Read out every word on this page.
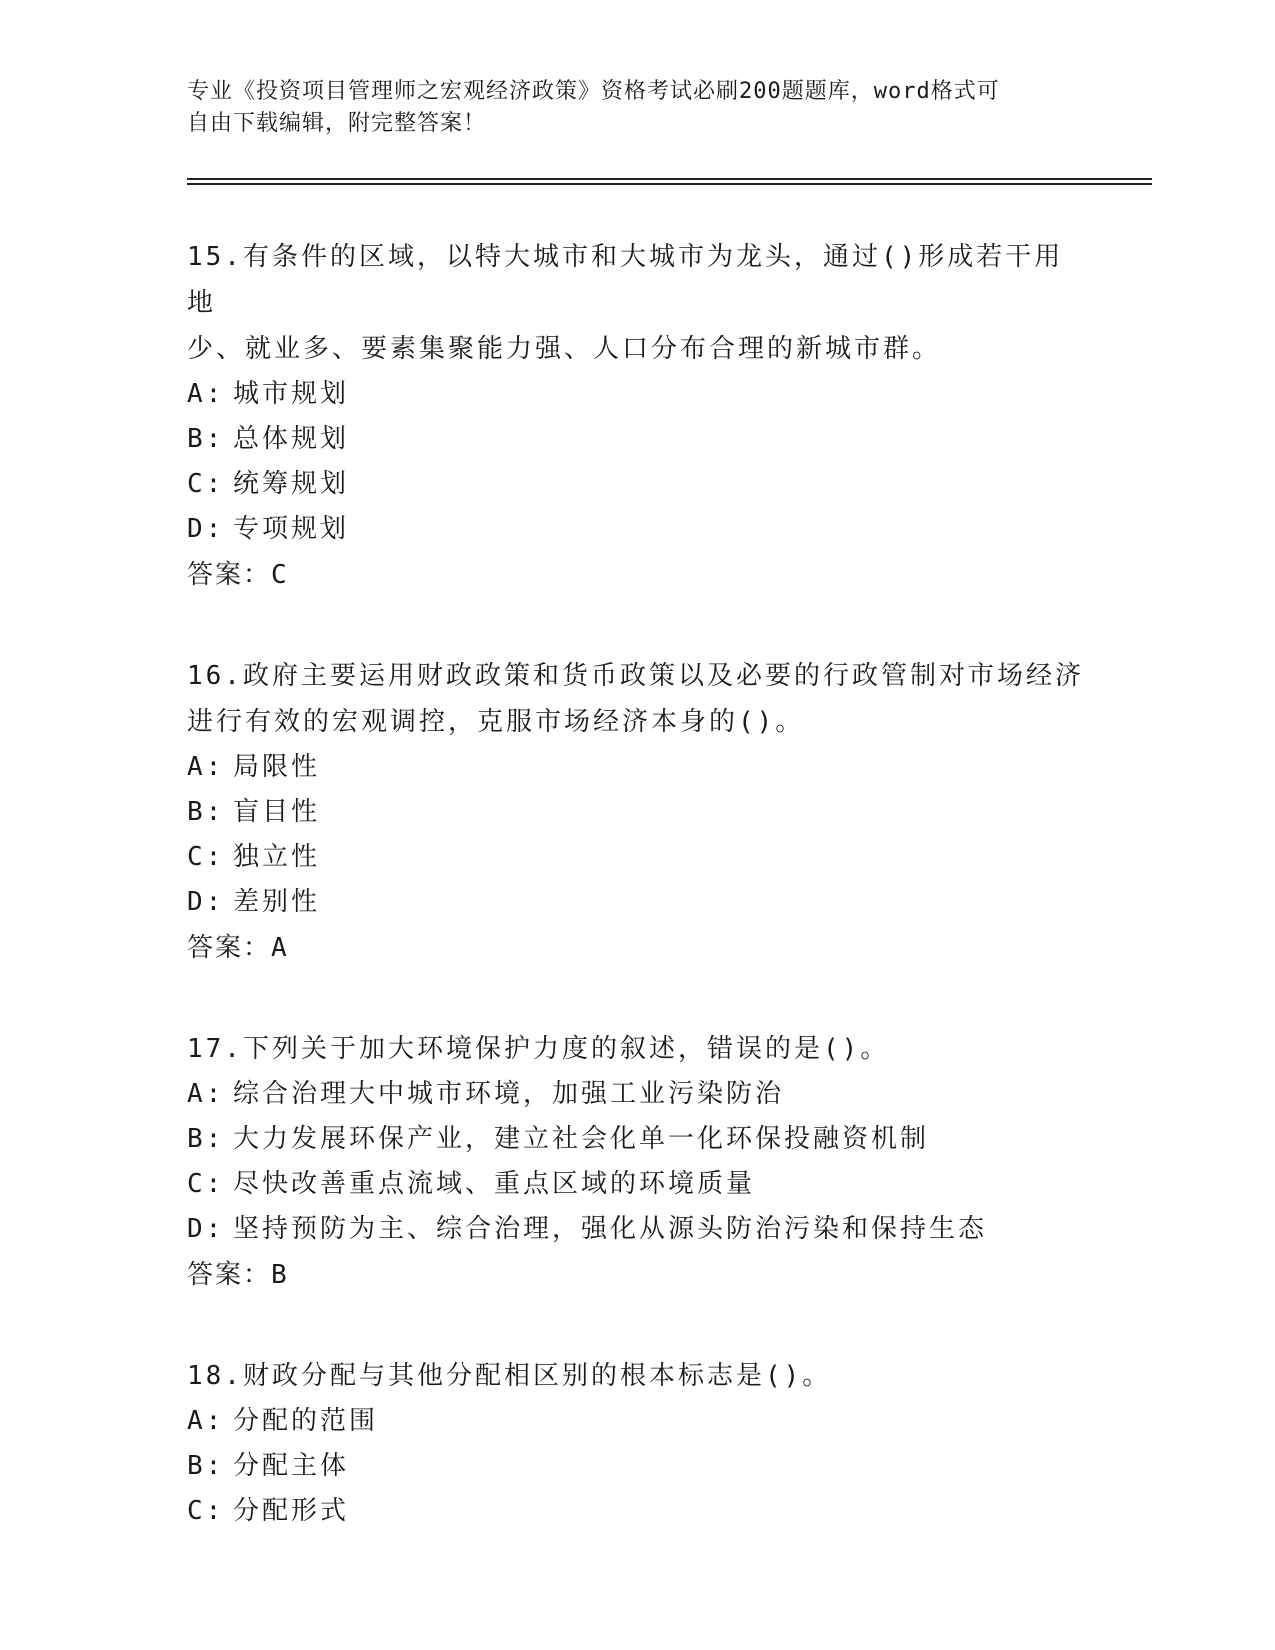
专业《投资项目管理师之宏观经济政策》资格考试必刷200题题库，word格式可
自由下载编辑，附完整答案！
15.有条件的区域，以特大城市和大城市为龙头，通过()形成若干用地
少、就业多、要素集聚能力强、人口分布合理的新城市群。
A: 城市规划
B: 总体规划
C: 统筹规划
D: 专项规划
答案：C
16.政府主要运用财政政策和货币政策以及必要的行政管制对市场经济
进行有效的宏观调控，克服市场经济本身的()。
A: 局限性
B: 盲目性
C: 独立性
D: 差别性
答案：A
17.下列关于加大环境保护力度的叙述，错误的是()。
A: 综合治理大中城市环境，加强工业污染防治
B: 大力发展环保产业，建立社会化单一化环保投融资机制
C: 尽快改善重点流域、重点区域的环境质量
D: 坚持预防为主、综合治理，强化从源头防治污染和保持生态
答案：B
18.财政分配与其他分配相区别的根本标志是()。
A: 分配的范围
B: 分配主体
C: 分配形式
